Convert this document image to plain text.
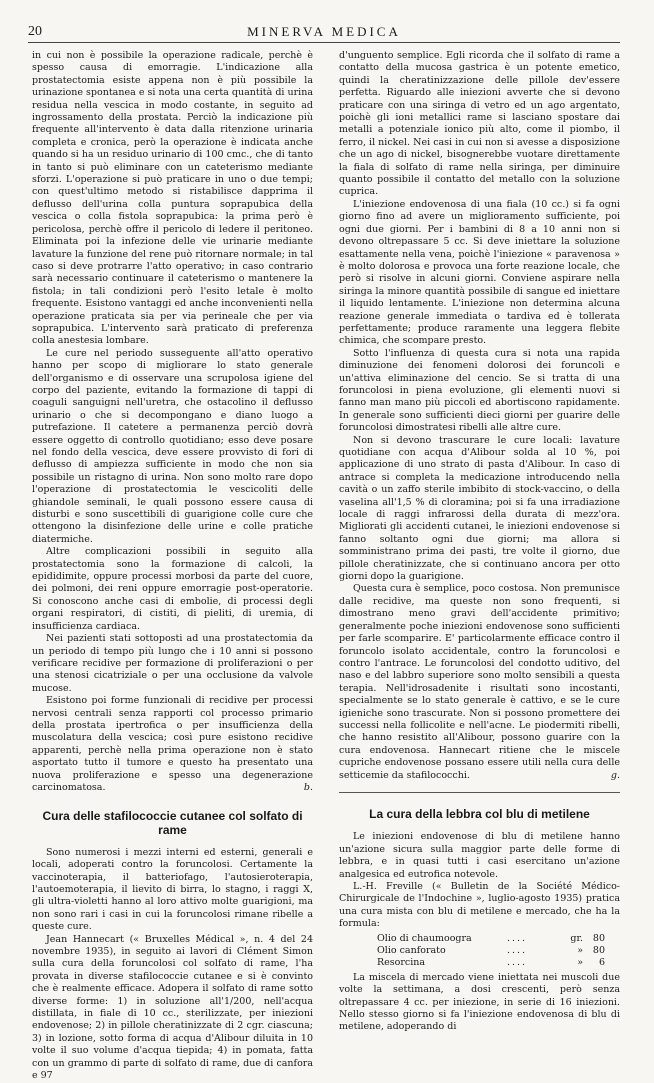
20	MINERVA MEDICA

in cui non è possibile la operazione radicale, perchè è spesso causa di emorragie. L'indicazione alla prostatectomia esiste appena non è più possibile la urinazione spontanea e si nota una certa quantità di urina residua nella vescica in modo costante, in seguito ad ingrossamento della prostata. Perciò la indicazione più frequente all'intervento è data dalla ritenzione urinaria completa e cronica, però la operazione è indicata anche quando si ha un residuo urinario di 100 cmc., che di tanto in tanto si può eliminare con un cateterismo mediante sforzi. L'operazione si può praticare in uno o due tempi; con quest'ultimo metodo si ristabilisce dapprima il deflusso dell'urina colla puntura soprapubica della vescica o colla fistola soprapubica: la prima però è pericolosa, perchè offre il pericolo di ledere il peritoneo. Eliminata poi la infezione delle vie urinarie mediante lavature la funzione del rene può ritornare normale; in tal caso si deve protrarre l'atto operativo; in caso contrario sarà necessario continuare il cateterismo o mantenere la fistola; in tali condizioni però l'esito letale è molto frequente. Esistono vantaggi ed anche inconvenienti nella operazione praticata sia per via perineale che per via soprapubica. L'intervento sarà praticato di preferenza colla anestesia lombare.

Le cure nel periodo susseguente all'atto operativo hanno per scopo di migliorare lo stato generale dell'organismo e di osservare una scrupolosa igiene del corpo del paziente, evitando la formazione di tappi di coaguli sanguigni nell'uretra, che ostacolino il deflusso urinario o che si decompongano e diano luogo a putrefazione. Il catetere a permanenza perciò dovrà essere oggetto di controllo quotidiano; esso deve posare nel fondo della vescica, deve essere provvisto di fori di deflusso di ampiezza sufficiente in modo che non sia possibile un ristagno di urina. Non sono molto rare dopo l'operazione di prostatectomia le vescicoliti delle ghiandole seminali, le quali possono essere causa di disturbi e sono suscettibili di guarigione colle cure che ottengono la disinfezione delle urine e colle pratiche diatermiche.

Altre complicazioni possibili in seguito alla prostatectomia sono la formazione di calcoli, la epididimite, oppure processi morbosi da parte del cuore, dei polmoni, dei reni oppure emorragie post-operatorie. Si conoscono anche casi di embolie, di processi degli organi respiratori, di cistiti, di pieliti, di uremia, di insufficienza cardiaca.

Nei pazienti stati sottoposti ad una prostatectomia da un periodo di tempo più lungo che i 10 anni si possono verificare recidive per formazione di proliferazioni o per una stenosi cicatriziale o per una occlusione da valvole mucose.

Esistono poi forme funzionali di recidive per processi nervosi centrali senza rapporti col processo primario della prostata ipertrofica o per insufficienza della muscolatura della vescica; così pure esistono recidive apparenti, perchè nella prima operazione non è stato asportato tutto il tumore e questo ha presentato una nuova proliferazione e spesso una degenerazione carcinomatosa.	b.
Cura delle stafilococcie cutanee col solfato di rame

Sono numerosi i mezzi interni ed esterni, generali e locali, adoperati contro la foruncolosi. Certamente la vaccinoterapia, il batteriofago, l'autosieroterapia, l'autoemoterapia, il lievito di birra, lo stagno, i raggi X, gli ultra-violetti hanno al loro attivo molte guarigioni, ma non sono rari i casi in cui la foruncolosi rimane ribelle a queste cure.

Jean Hannecart (« Bruxelles Médical », n. 4 del 24 novembre 1935), in seguito ai lavori di Clément Simon sulla cura della foruncolosi col solfato di rame, l'ha provata in diverse stafilococcie cutanee e si è convinto che è realmente efficace. Adopera il solfato di rame sotto diverse forme: 1) in soluzione all'1/200, nell'acqua distillata, in fiale di 10 cc., sterilizzate, per iniezioni endovenose; 2) in pillole cheratinizzate di 2 cgr. ciascuna; 3) in lozione, sotto forma di acqua d'Alibour diluita in 10 volte il suo volume d'acqua tiepida; 4) in pomata, fatta con un grammo di parte di solfato di rame, due di canfora e 97

d'unguento semplice. Egli ricorda che il solfato di rame a contatto della mucosa gastrica è un potente emetico, quindi la cheratinizzazione delle pillole dev'essere perfetta. Riguardo alle iniezioni avverte che si devono praticare con una siringa di vetro ed un ago argentato, poichè gli ioni metallici rame si lasciano spostare dai metalli a potenziale ionico più alto, come il piombo, il ferro, il nickel. Nei casi in cui non si avesse a disposizione che un ago di nickel, bisognerebbe vuotare direttamente la fiala di solfato di rame nella siringa, per diminuire quanto possibile il contatto del metallo con la soluzione cuprica.

L'iniezione endovenosa di una fiala (10 cc.) si fa ogni giorno fino ad avere un miglioramento sufficiente, poi ogni due giorni. Per i bambini di 8 a 10 anni non si devono oltrepassare 5 cc. Si deve iniettare la soluzione esattamente nella vena, poichè l'iniezione « paravenosa » è molto dolorosa e provoca una forte reazione locale, che però si risolve in alcuni giorni. Conviene aspirare nella siringa la minore quantità possibile di sangue ed iniettare il liquido lentamente. L'iniezione non determina alcuna reazione generale immediata o tardiva ed è tollerata perfettamente; produce raramente una leggera flebite chimica, che scompare presto.

Sotto l'influenza di questa cura si nota una rapida diminuzione dei fenomeni dolorosi dei foruncoli e un'attiva eliminazione del cencio. Se si tratta di una foruncolosi in piena evoluzione, gli elementi nuovi si fanno man mano più piccoli ed abortiscono rapidamente. In generale sono sufficienti dieci giorni per guarire delle foruncolosi dimostratesi ribelli alle altre cure.

Non si devono trascurare le cure locali: lavature quotidiane con acqua d'Alibour solda al 10 %, poi applicazione di uno strato di pasta d'Alibour. In caso di antrace si completa la medicazione introducendo nella cavità o un zaffo sterile imbibito di stock-vaccino, o della vaselina all'1,5 % di cloramina; poi si fa una irradiazione locale di raggi infrarossi della durata di mezz'ora. Migliorati gli accidenti cutanei, le iniezioni endovenose si fanno soltanto ogni due giorni; ma allora si somministrano prima dei pasti, tre volte il giorno, due pillole cheratinizzate, che si continuano ancora per otto giorni dopo la guarigione.

Questa cura è semplice, poco costosa. Non premunisce dalle recidive, ma queste non sono frequenti, si dimostrano meno gravi dell'accidente primitivo; generalmente poche iniezioni endovenose sono sufficienti per farle scomparire. E' particolarmente efficace contro il foruncolo isolato accidentale, contro la foruncolosi e contro l'antrace. Le foruncolosi del condotto uditivo, del naso e del labbro superiore sono molto sensibili a questa terapia. Nell'idrosadenite i risultati sono incostanti, specialmente se lo stato generale è cattivo, e se le cure igieniche sono trascurate. Non si possono promettere dei successi nella follicolite e nell'acne. Le piodermiti ribelli, che hanno resistito all'Alibour, possono guarire con la cura endovenosa. Hannecart ritiene che le miscele cupriche endovenose possano essere utili nella cura delle setticemie da stafilococchi.	g.
La cura della lebbra col blu di metilene

Le iniezioni endovenose di blu di metilene hanno un'azione sicura sulla maggior parte delle forme di lebbra, e in quasi tutti i casi esercitano un'azione analgesica ed eutrofica notevole.

L.-H. Freville (« Bulletin de la Société Médico-Chirurgicale de l'Indochine », luglio-agosto 1935) pratica una cura mista con blu di metilene e mercado, che ha la formula:

Olio di chaumoogra	....	gr.	80
Olio canforato	....	»	80
Resorcina	....	»	6

La miscela di mercado viene iniettata nei muscoli due volte la settimana, a dosi crescenti, però senza oltrepassare 4 cc. per iniezione, in serie di 16 iniezioni. Nello stesso giorno si fa l'iniezione endovenosa di blu di metilene, adoperando di
